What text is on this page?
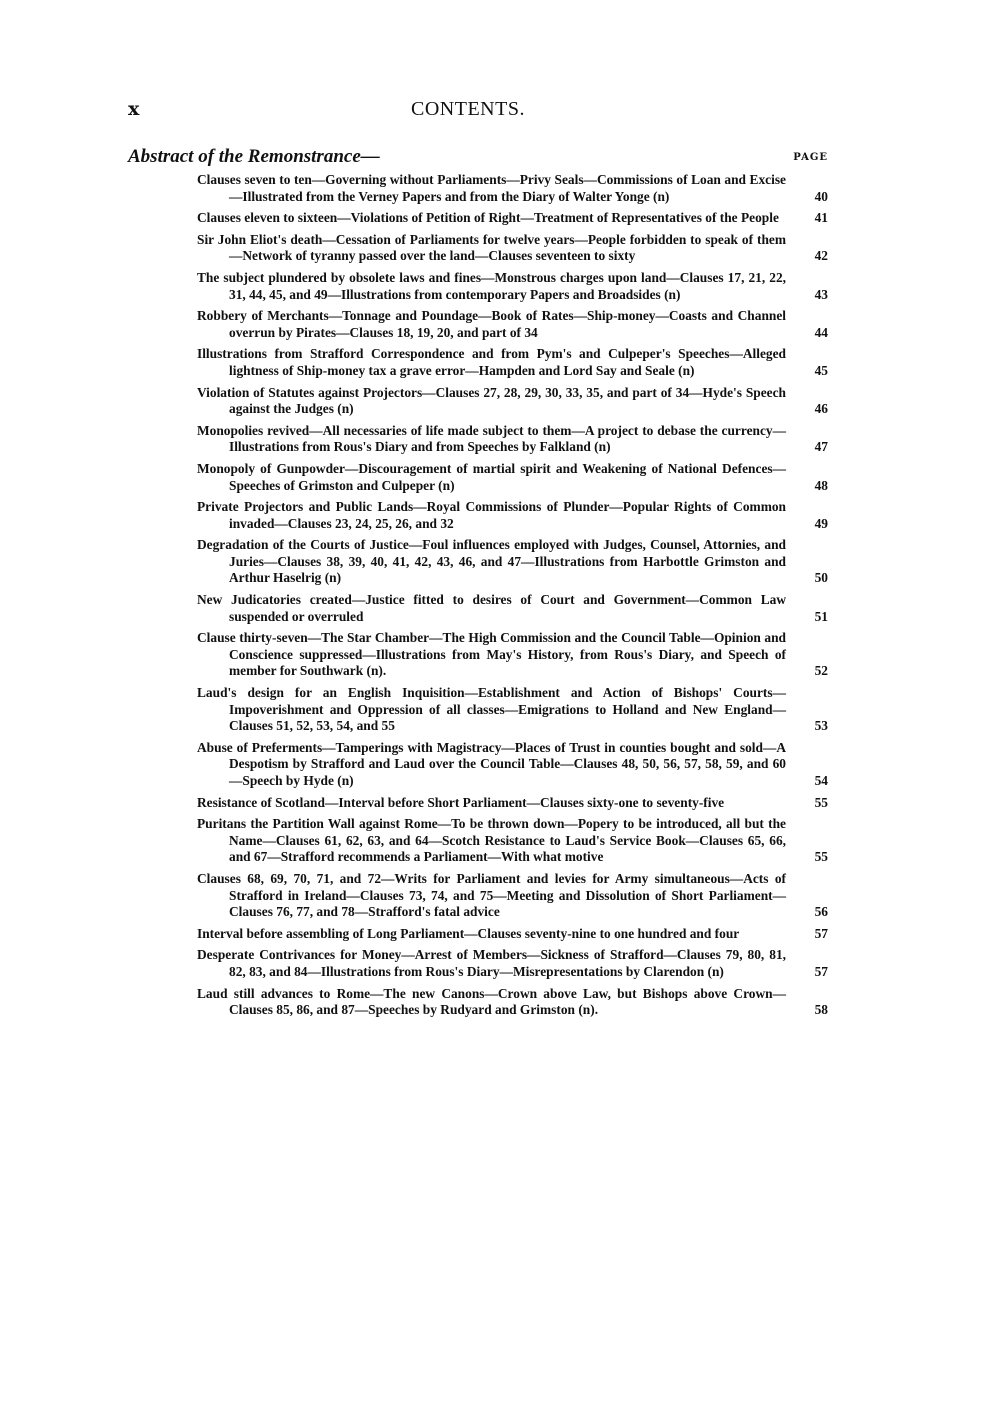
x	CONTENTS.
Abstract of the Remonstrance—	PAGE
Clauses seven to ten—Governing without Parliaments—Privy Seals—Commissions of Loan and Excise—Illustrated from the Verney Papers and from the Diary of Walter Yonge (n)	40
Clauses eleven to sixteen—Violations of Petition of Right—Treatment of Representatives of the People	41
Sir John Eliot's death—Cessation of Parliaments for twelve years—People forbidden to speak of them—Network of tyranny passed over the land—Clauses seventeen to sixty	42
The subject plundered by obsolete laws and fines—Monstrous charges upon land—Clauses 17, 21, 22, 31, 44, 45, and 49—Illustrations from contemporary Papers and Broadsides (n)	43
Robbery of Merchants—Tonnage and Poundage—Book of Rates—Ship-money—Coasts and Channel overrun by Pirates—Clauses 18, 19, 20, and part of 34	44
Illustrations from Strafford Correspondence and from Pym's and Culpeper's Speeches—Alleged lightness of Ship-money tax a grave error—Hampden and Lord Say and Seale (n)	45
Violation of Statutes against Projectors—Clauses 27, 28, 29, 30, 33, 35, and part of 34—Hyde's Speech against the Judges (n)	46
Monopolies revived—All necessaries of life made subject to them—A project to debase the currency—Illustrations from Rous's Diary and from Speeches by Falkland (n)	47
Monopoly of Gunpowder—Discouragement of martial spirit and Weakening of National Defences—Speeches of Grimston and Culpeper (n)	48
Private Projectors and Public Lands—Royal Commissions of Plunder—Popular Rights of Common invaded—Clauses 23, 24, 25, 26, and 32	49
Degradation of the Courts of Justice—Foul influences employed with Judges, Counsel, Attornies, and Juries—Clauses 38, 39, 40, 41, 42, 43, 46, and 47—Illustrations from Harbottle Grimston and Arthur Haselrig (n)	50
New Judicatories created—Justice fitted to desires of Court and Government—Common Law suspended or overruled	51
Clause thirty-seven—The Star Chamber—The High Commission and the Council Table—Opinion and Conscience suppressed—Illustrations from May's History, from Rous's Diary, and Speech of member for Southwark (n).	52
Laud's design for an English Inquisition—Establishment and Action of Bishops' Courts—Impoverishment and Oppression of all classes—Emigrations to Holland and New England—Clauses 51, 52, 53, 54, and 55	53
Abuse of Preferments—Tamperings with Magistracy—Places of Trust in counties bought and sold—A Despotism by Strafford and Laud over the Council Table—Clauses 48, 50, 56, 57, 58, 59, and 60—Speech by Hyde (n)	54
Resistance of Scotland—Interval before Short Parliament—Clauses sixty-one to seventy-five	55
Puritans the Partition Wall against Rome—To be thrown down—Popery to be introduced, all but the Name—Clauses 61, 62, 63, and 64—Scotch Resistance to Laud's Service Book—Clauses 65, 66, and 67—Strafford recommends a Parliament—With what motive	55
Clauses 68, 69, 70, 71, and 72—Writs for Parliament and levies for Army simultaneous—Acts of Strafford in Ireland—Clauses 73, 74, and 75—Meeting and Dissolution of Short Parliament—Clauses 76, 77, and 78—Strafford's fatal advice	56
Interval before assembling of Long Parliament—Clauses seventy-nine to one hundred and four	57
Desperate Contrivances for Money—Arrest of Members—Sickness of Strafford—Clauses 79, 80, 81, 82, 83, and 84—Illustrations from Rous's Diary—Misrepresentations by Clarendon (n)	57
Laud still advances to Rome—The new Canons—Crown above Law, but Bishops above Crown—Clauses 85, 86, and 87—Speeches by Rudyard and Grimston (n).	58
